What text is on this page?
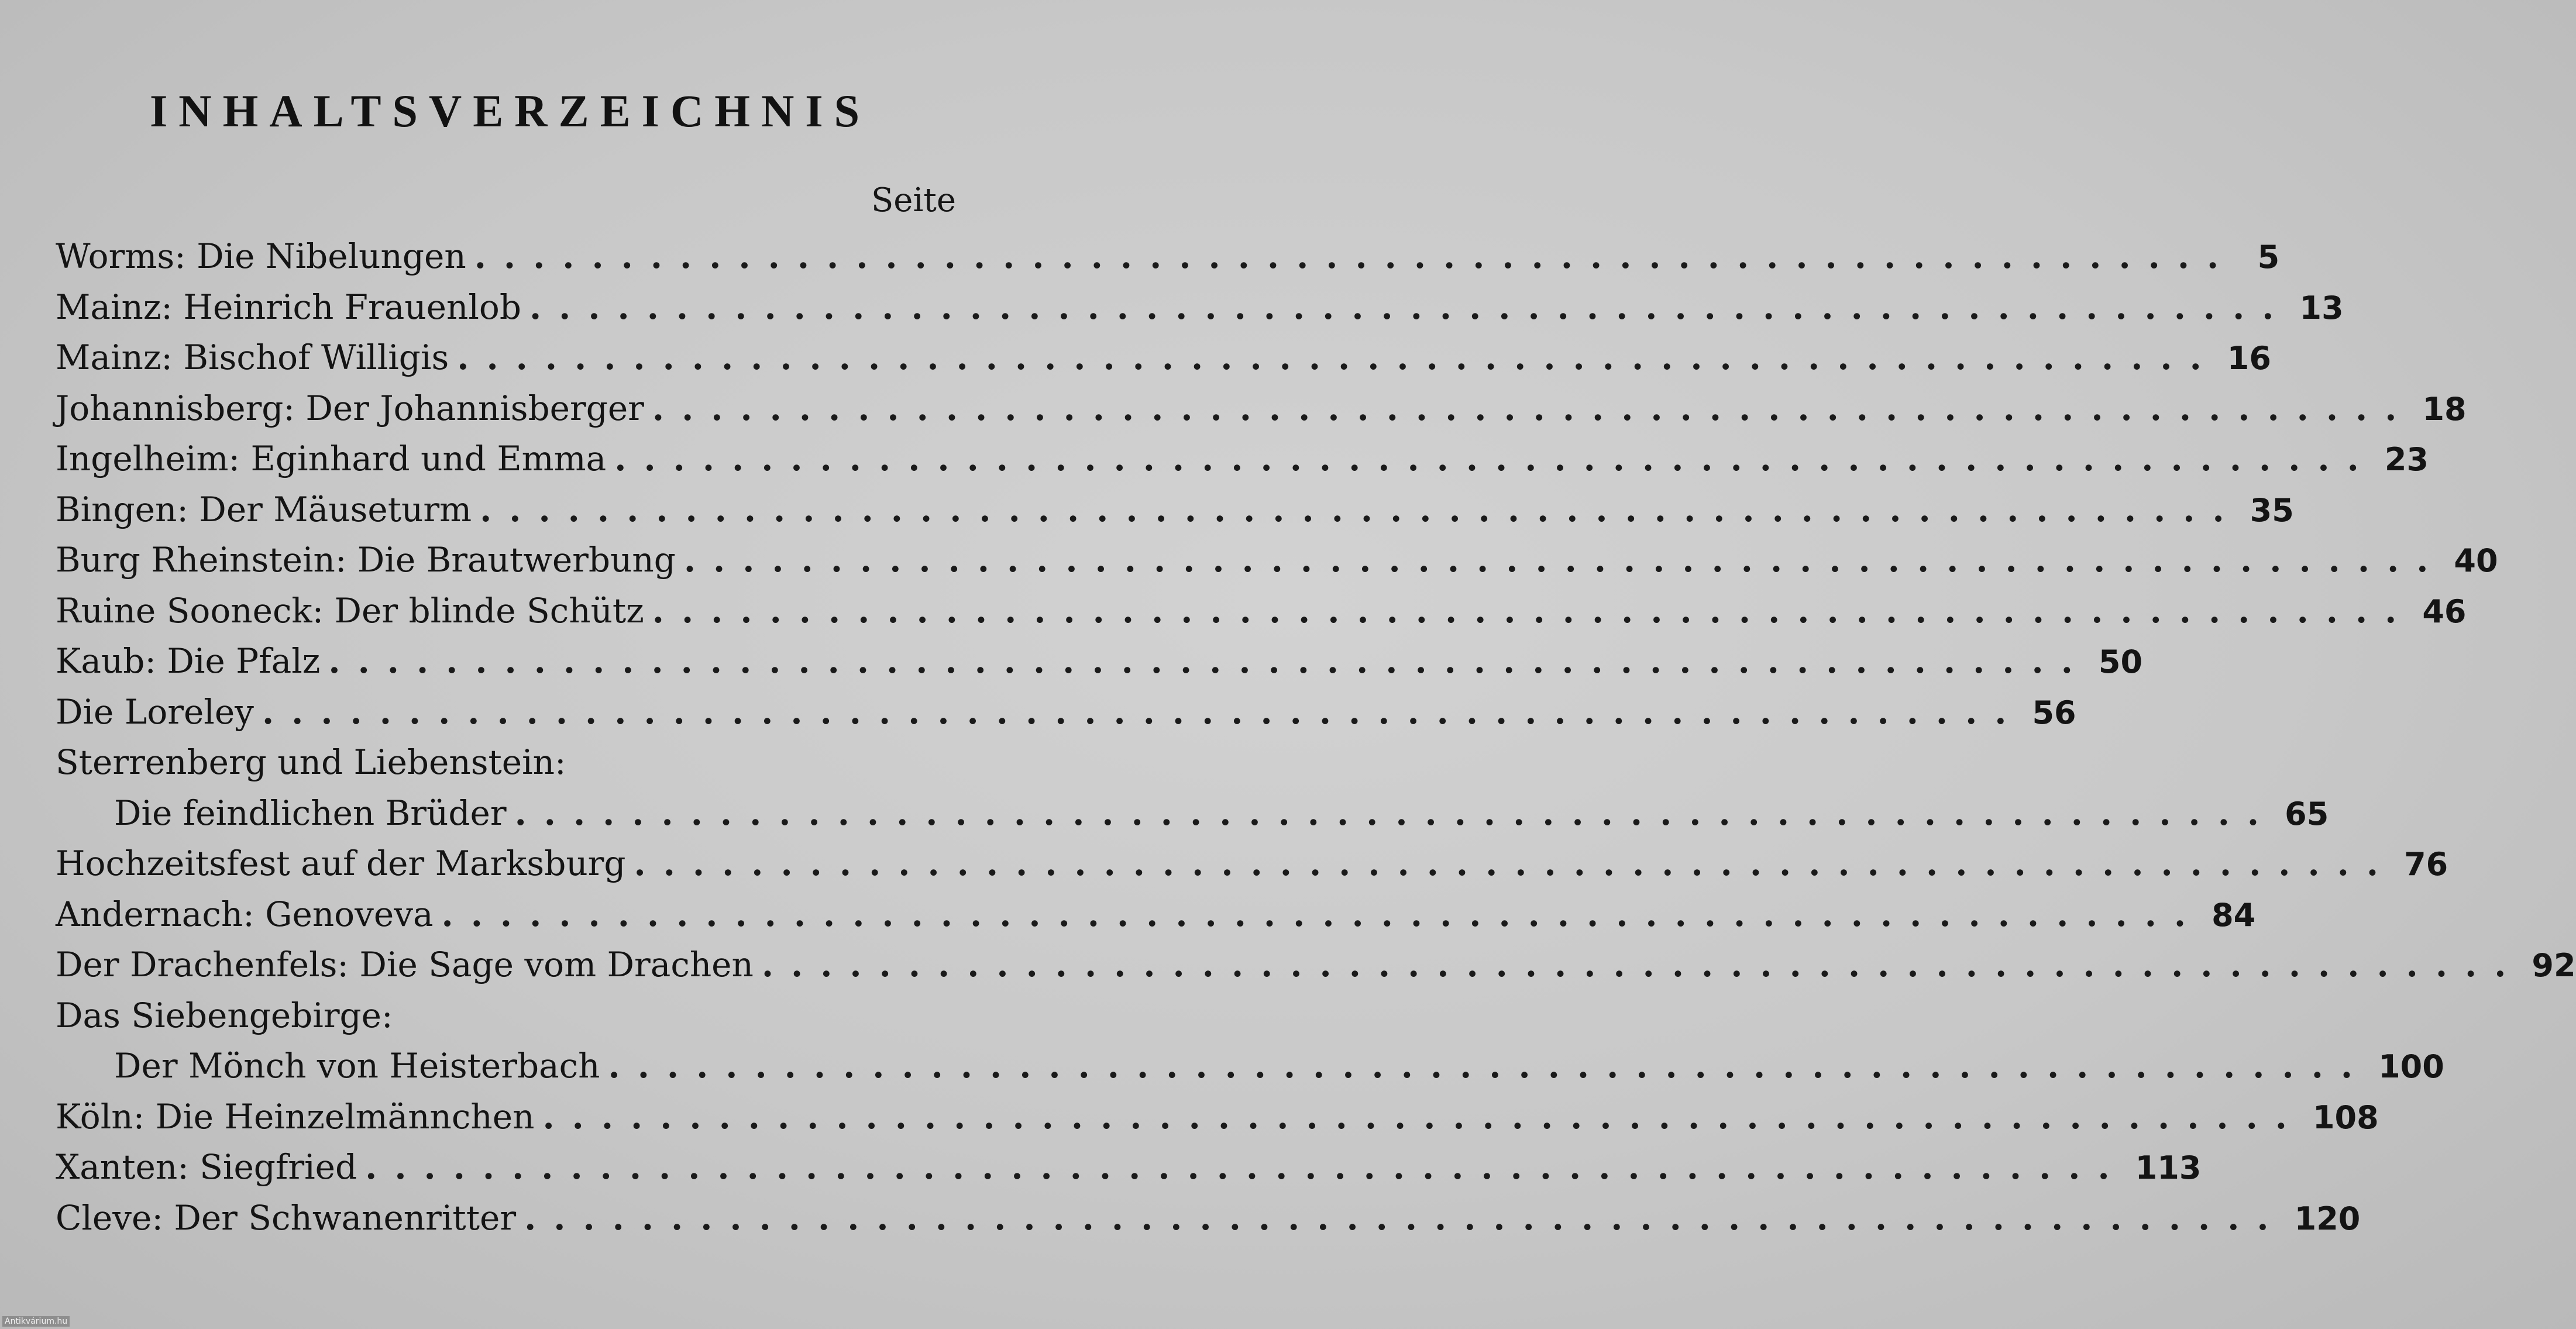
INHALTSVERZEICHNIS
Seite
Worms: Die Nibelungen ............................................................ 5
Mainz: Heinrich Frauenlob ............................................................ 13
Mainz: Bischof Willigis ............................................................ 16
Johannisberg: Der Johannisberger ............................................................ 18
Ingelheim: Eginhard und Emma ............................................................ 23
Bingen: Der Mäuseturm ............................................................ 35
Burg Rheinstein: Die Brautwerbung ............................................................ 40
Ruine Sooneck: Der blinde Schütz ............................................................ 46
Kaub: Die Pfalz ............................................................ 50
Die Loreley ............................................................ 56
Sterrenberg und Liebenstein:
Die feindlichen Brüder ............................................................ 65
Hochzeitsfest auf der Marksburg ............................................................ 76
Andernach: Genoveva ............................................................ 84
Der Drachenfels: Die Sage vom Drachen ............................................................ 92
Das Siebengebirge:
Der Mönch von Heisterbach ............................................................ 100
Köln: Die Heinzelmännchen ............................................................ 108
Xanten: Siegfried ............................................................ 113
Cleve: Der Schwanenritter ............................................................ 120
Antikvárium.hu
